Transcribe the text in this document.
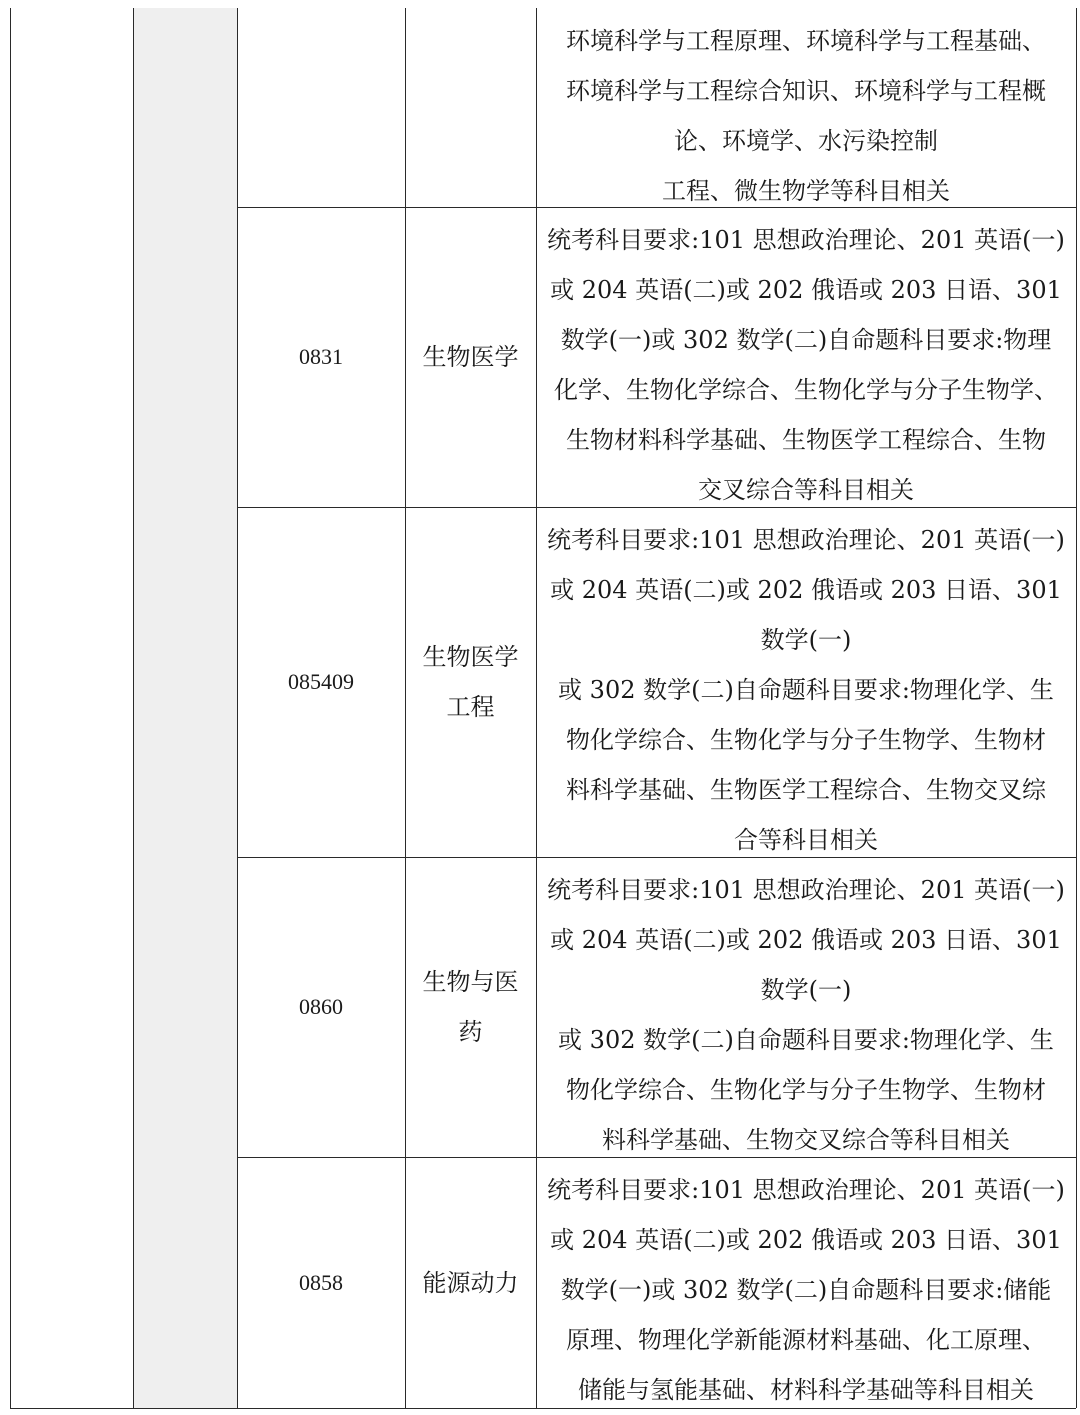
环境科学与工程原理、环境科学与工程基础、
环境科学与工程综合知识、环境科学与工程概
论、环境学、水污染控制
工程、微生物学等科目相关
0831	生物医学
统考科目要求:101 思想政治理论、201 英语(一)
或 204 英语(二)或 202 俄语或 203 日语、301
数学(一)或 302 数学(二)自命题科目要求:物理
化学、生物化学综合、生物化学与分子生物学、
生物材料科学基础、生物医学工程综合、生物
交叉综合等科目相关
085409
生物医学
工程
统考科目要求:101 思想政治理论、201 英语(一)
或 204 英语(二)或 202 俄语或 203 日语、301
数学(一)
或 302 数学(二)自命题科目要求:物理化学、生
物化学综合、生物化学与分子生物学、生物材
料科学基础、生物医学工程综合、生物交叉综
合等科目相关
0860
生物与医
药
统考科目要求:101 思想政治理论、201 英语(一)
或 204 英语(二)或 202 俄语或 203 日语、301
数学(一)
或 302 数学(二)自命题科目要求:物理化学、生
物化学综合、生物化学与分子生物学、生物材
料科学基础、生物交叉综合等科目相关
0858	能源动力
统考科目要求:101 思想政治理论、201 英语(一)
或 204 英语(二)或 202 俄语或 203 日语、301
数学(一)或 302 数学(二)自命题科目要求:储能
原理、物理化学新能源材料基础、化工原理、
储能与氢能基础、材料科学基础等科目相关
